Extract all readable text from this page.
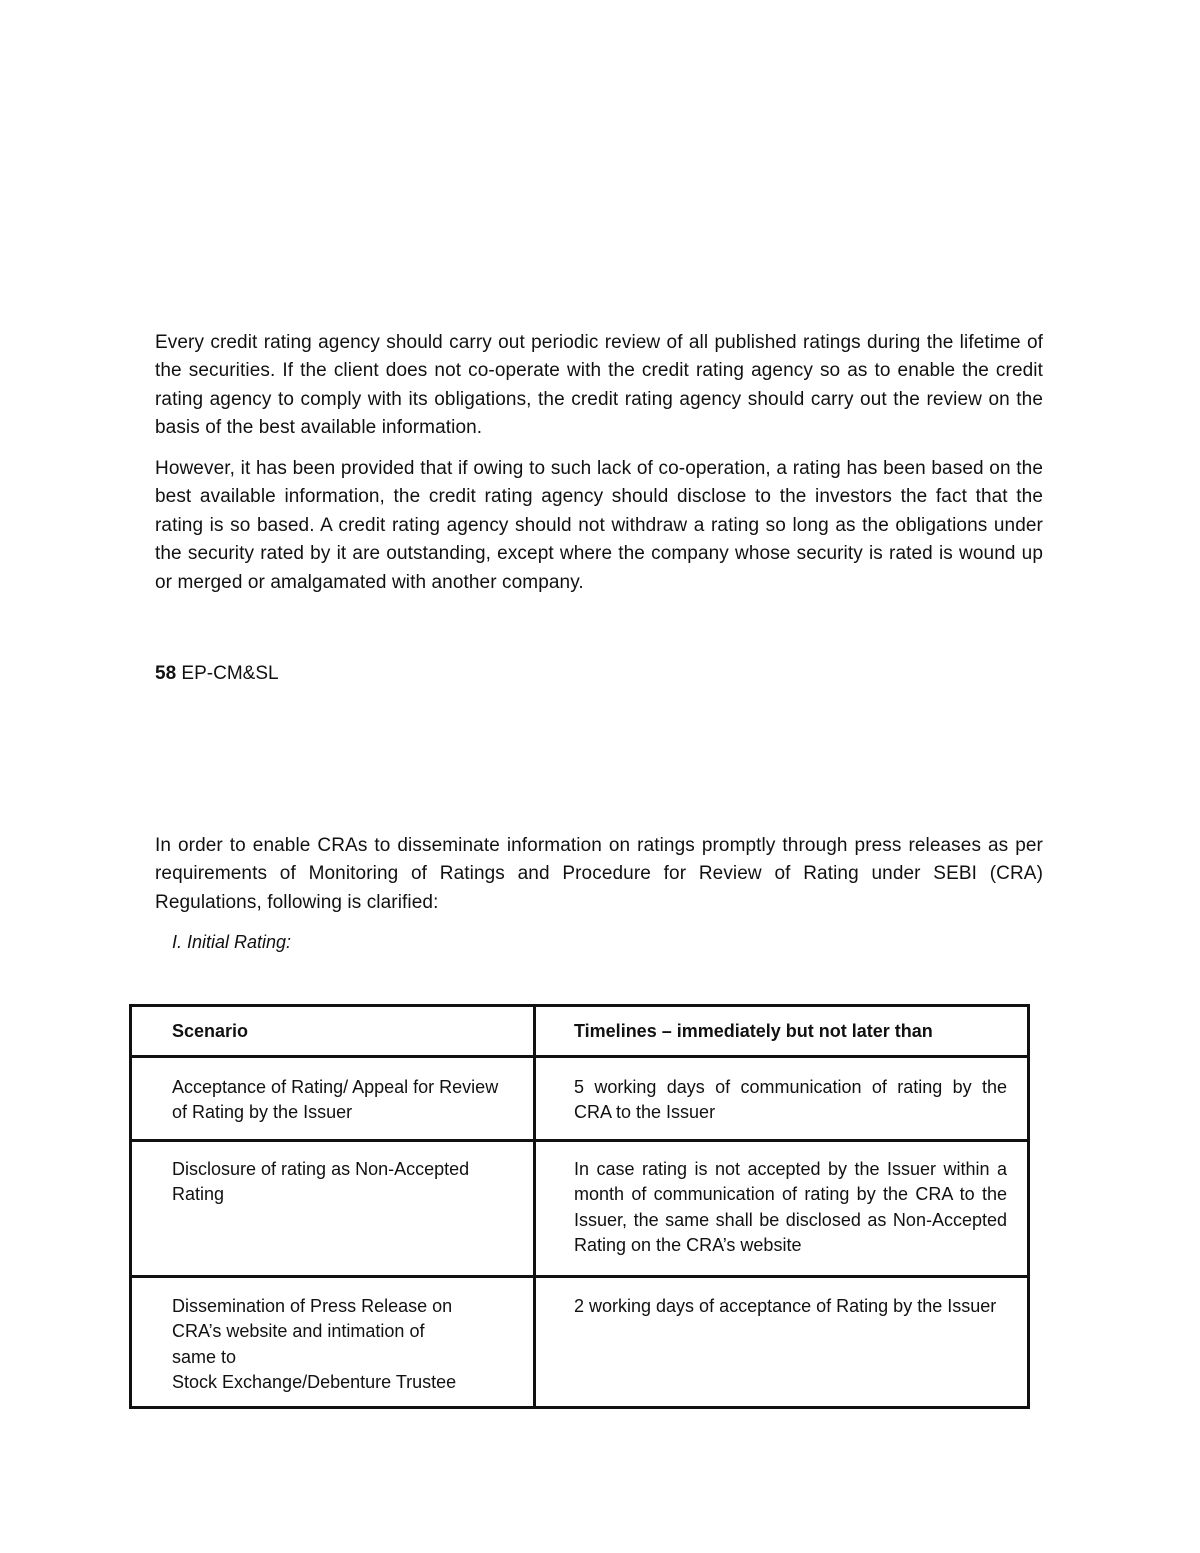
Every credit rating agency should carry out periodic review of all published ratings during the lifetime of the securities. If the client does not co-operate with the credit rating agency so as to enable the credit rating agency to comply with its obligations, the credit rating agency should carry out the review on the basis of the best available information.

However, it has been provided that if owing to such lack of co-operation, a rating has been based on the best available information, the credit rating agency should disclose to the investors the fact that the rating is so based. A credit rating agency should not withdraw a rating so long as the obligations under the security rated by it are outstanding, except where the company whose security is rated is wound up or merged or amalgamated with another company.

58 EP-CM&SL

In order to enable CRAs to disseminate information on ratings promptly through press releases as per requirements of Monitoring of Ratings and Procedure for Review of Rating under SEBI (CRA) Regulations, following is clarified:

I. Initial Rating:
Scenario	Timelines – immediately but not later than
Acceptance of Rating/ Appeal for Review of Rating by the Issuer	5 working days of communication of rating by the CRA to the Issuer
Disclosure of rating as Non-Accepted Rating	In case rating is not accepted by the Issuer within a month of communication of rating by the CRA to the Issuer, the same shall be disclosed as Non-Accepted Rating on the CRA’s website

Dissemination of Press Release on
CRA’s website and intimation of
same to
Stock Exchange/Debenture Trustee	2 working days of acceptance of Rating by the Issuer
